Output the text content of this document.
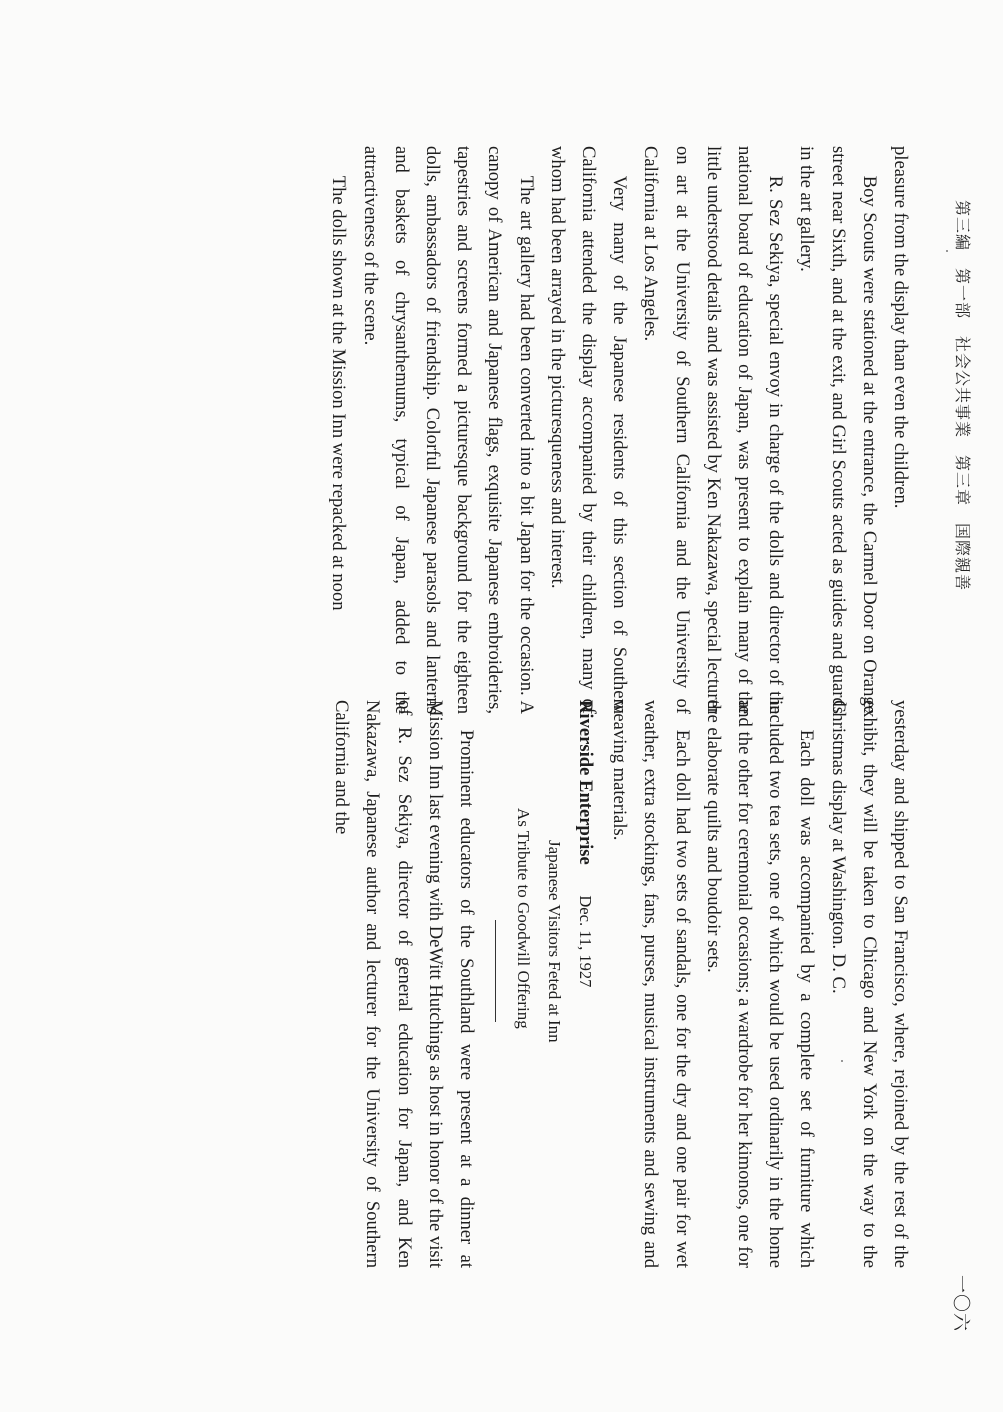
第三編　第一部　社会公共事業　第三章　国際親善
一〇六

pleasure from the display than even the children.

Boy Scouts were stationed at the entrance, the Carmel Door on Orange street near Sixth, and at the exit, and Girl Scouts acted as guides and guards in the art gallery.

R. Sez Sekiya, special envoy in charge of the dolls and director of the national board of education of Japan, was present to explain many of the little understood details and was assisted by Ken Nakazawa, special lecturer on art at the University of Southern California and the University of California at Los Angeles.

Very many of the Japanese residents of this section of Southern California attended the display accompanied by their children, many of whom had been arrayed in the picturesqueness and interest.

The art gallery had been converted into a bit Japan for the occasion. A canopy of American and Japanese flags, exquisite Japanese embroideries, tapestries and screens formed a picturesque background for the eighteen dolls, ambassadors of friendship. Colorful Japanese parasols and lanterns and baskets of chrysanthemums, typical of Japan, added to the attractiveness of the scene.

The dolls shown at the Mission Inn were repacked at noon

yesterday and shipped to San Francisco, where, rejoined by the rest of the exhibit, they will be taken to Chicago and New York on the way to the Christmas display at Washington. D. C.

Each doll was accompanied by a complete set of furniture which included two tea sets, one of which would be used ordinarily in the home and the other for ceremonial occasions; a wardrobe for her kimonos, one for the elaborate quilts and boudoir sets.

Each doll had two sets of sandals, one for the dry and one pair for wet weather, extra stockings, fans, purses, musical instruments and sewing and weaving materials.

Riverside Enterprise Dec. 11, 1927

Japanese Visitors Feted at Inn

As Tribute to Goodwill Offering

Prominent educators of the Southland were present at a dinner at Mission Inn last evening with DeWitt Hutchings as host in honor of the visit of R. Sez Sekiya, director of general education for Japan, and Ken Nakazawa, Japanese author and lecturer for the University of Southern California and the
